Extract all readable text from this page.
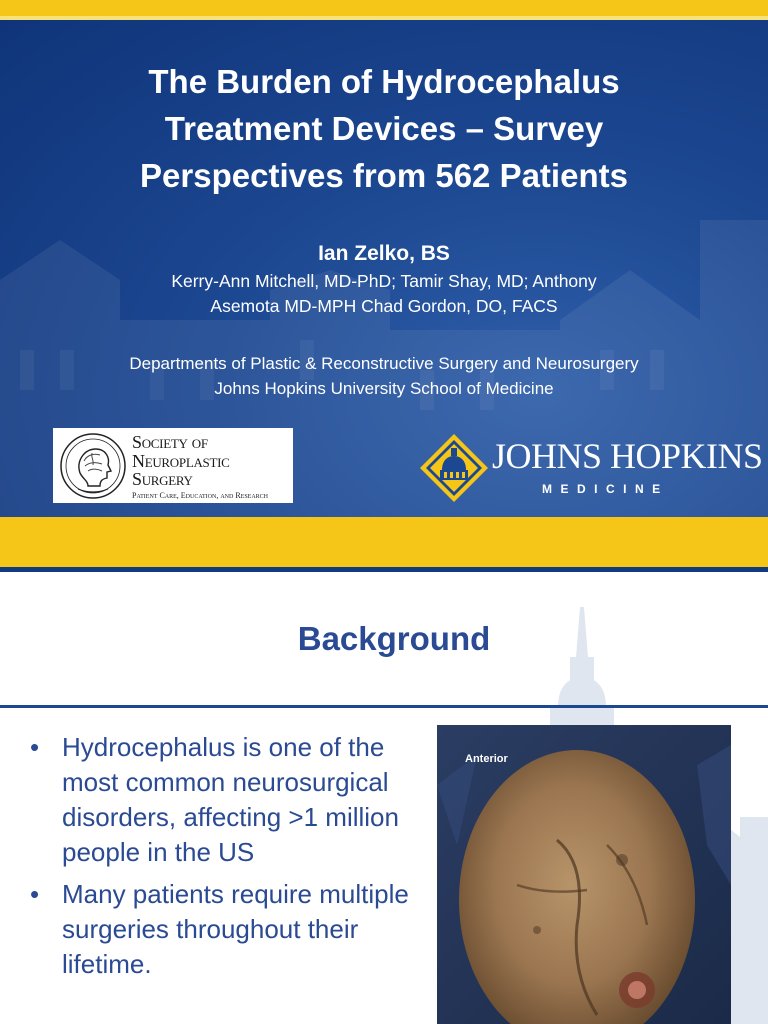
The Burden of Hydrocephalus
Treatment Devices – Survey
Perspectives from 562 Patients
Ian Zelko, BS
Kerry-Ann Mitchell, MD-PhD; Tamir Shay, MD; Anthony
Asemota MD-MPH Chad Gordon, DO, FACS
Departments of Plastic & Reconstructive Surgery and Neurosurgery
Johns Hopkins University School of Medicine
Society of
Neuroplastic Surgery
Patient Care, Education, and Research
JOHNS HOPKINS
MEDICINE
Background
• Hydrocephalus is one of the most common neurosurgical disorders, affecting >1 million people in the US
• Many patients require multiple surgeries throughout their lifetime.
Anterior
